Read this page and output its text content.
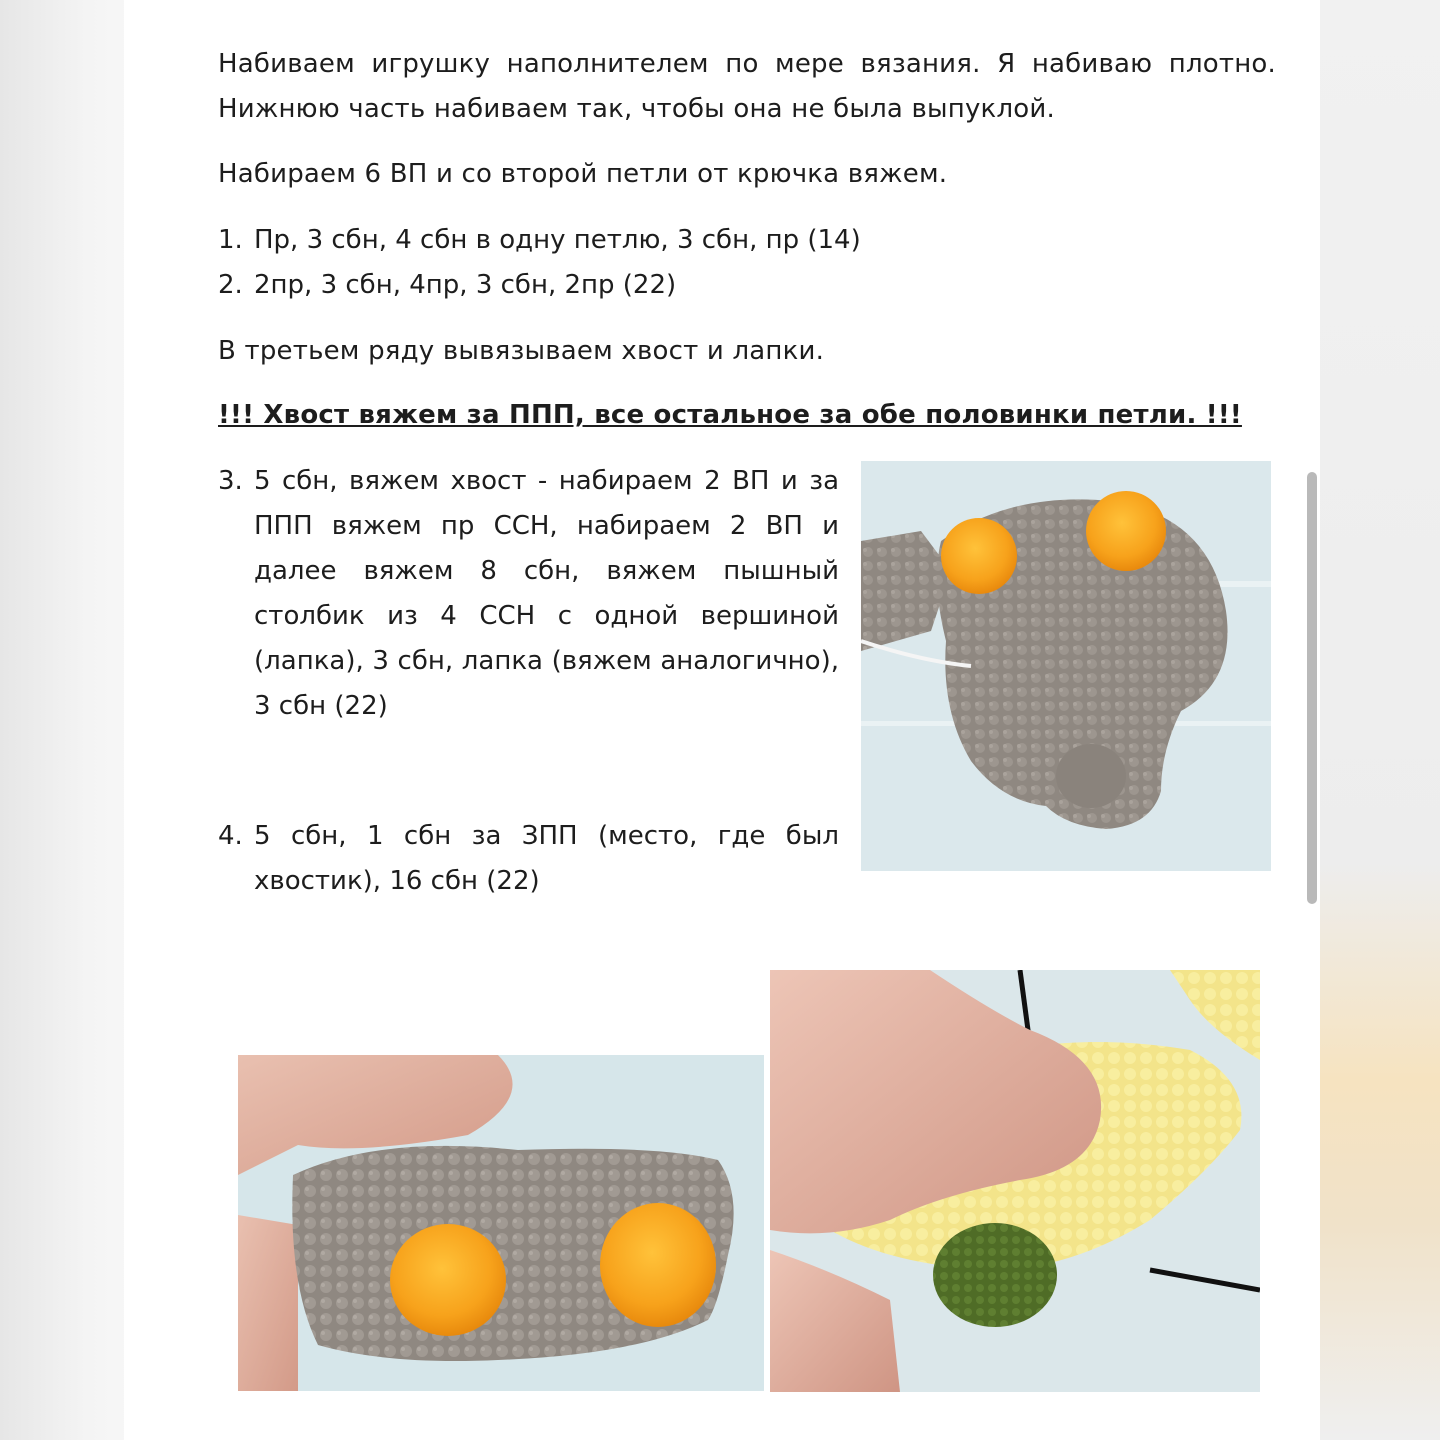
Набиваем игрушку наполнителем по мере вязания. Я набиваю плотно. Нижнюю часть набиваем так, чтобы она не была выпуклой.
Набираем 6 ВП и со второй петли от крючка вяжем.
1. Пр, 3 сбн, 4 сбн в одну петлю, 3 сбн, пр (14)
2. 2пр, 3 сбн, 4пр, 3 сбн, 2пр (22)
В третьем ряду вывязываем хвост и лапки.
!!! Хвост вяжем за ППП, все остальное за обе половинки петли. !!!
3. 5 сбн, вяжем хвост - набираем 2 ВП и за ППП вяжем пр ССН, набираем 2 ВП и далее вяжем 8 сбн, вяжем пышный столбик из 4 ССН с одной вершиной (лапка), 3 сбн, лапка (вяжем аналогично), 3 сбн (22)
4. 5 сбн, 1 сбн за ЗПП (место, где был хвостик), 16 сбн (22)
